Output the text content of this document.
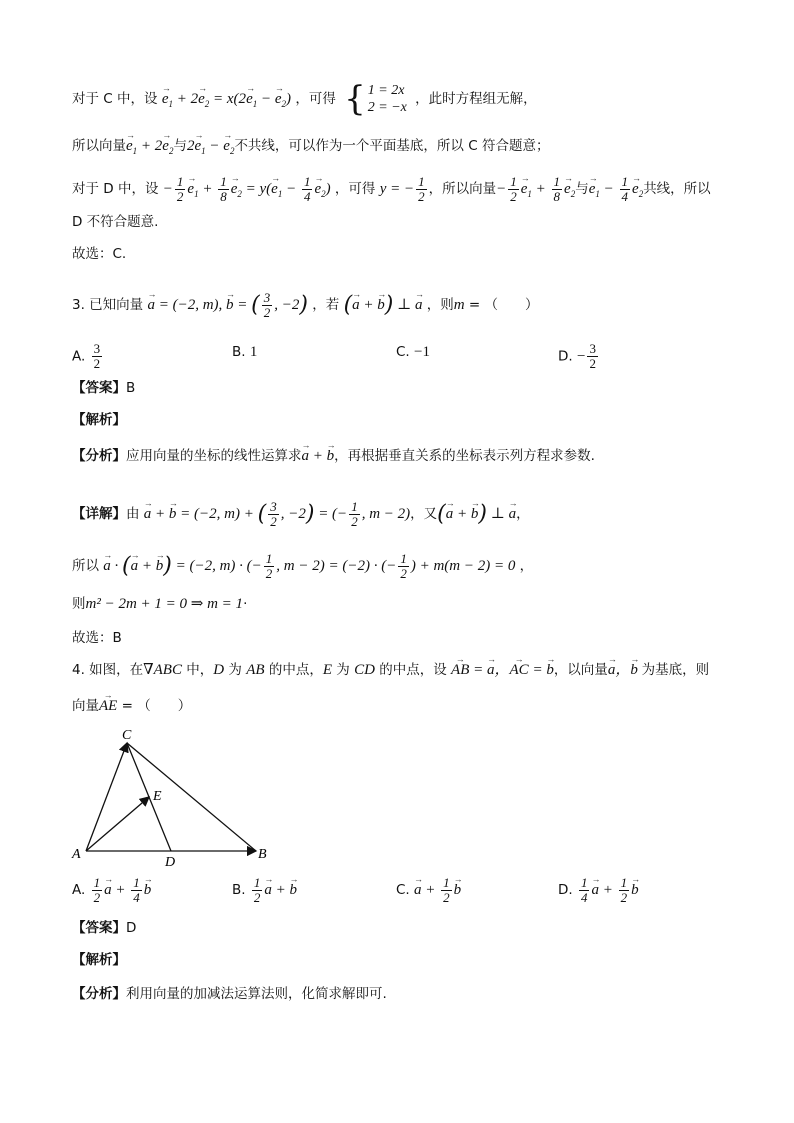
对于 C 中，设 → $e_1 + 2\to e_2 = x(2\to e_1$ − → $e_2$) ，可得 { 1 = 2x
2 = −x
，此时方程组无解，
所以向量→ $e_1 + 2\to e_2$与$2\to e_1$ − → $e_2$不共线，可以作为一个平面基底，所以 C 符合题意；
对于 D 中，设 − $\frac{1}{2}$
→ $e_1 + \frac{1}{8}$
→ $e_2 = y(\to e_1 - \frac{1}{4}$
→ $e_2$) ，可得 y = − $\frac{1}{2}$ ，所以向量− $\frac{1}{2}$
→ $e_1 + \frac{1}{8}$
→ $e_2$与→ $e_1 - \frac{1}{4}$
→ $e_2$共线，所以
D 不符合题意.
故选：C.
3. 已知向量 → a = (−2, m), → b = ( $\frac{3}{2}$ , −2) ，若 (→ a + → b) ⊥ → a ，则m = （　　）
A. $\frac{3}{2}$	B. 1	C. −1	D. − $\frac{3}{2}$
【答案】B
【解析】
【分析】应用向量的坐标的线性运算求→ a + → b，再根据垂直关系的坐标表示列方程求参数.
【详解】由 → a + → b = (−2, m) + ( $\frac{3}{2}$ , −2) = (− $\frac{1}{2}$ , m − 2)，又(→ a + → b) ⊥ → a，
所以 → a · (→ a + → b) = (−2, m) · (− $\frac{1}{2}$ , m − 2) = (−2) · (− $\frac{1}{2}$ ) + m(m − 2) = 0 ，
则m² − 2m + 1 = 0 ⇒ m = 1·
故选：B
4. 如图，在∇ABC 中，D 为 AB 的中点，E 为 CD 的中点，设 → AB = → a，→ AC = → b，以向量→ a，→ b 为基底，则
向量→ AE = （　　）
C
A	B
D
E
A. $\frac{1}{2}$
→ $a + \frac{1}{4}$
→ b	B. $\frac{1}{2}$
→ a + → b	C. → $a + \frac{1}{2}$
→ b	D. $\frac{1}{4}$
→ $a + \frac{1}{2}$
→ b
【答案】D
【解析】
【分析】利用向量的加减法运算法则，化简求解即可.
